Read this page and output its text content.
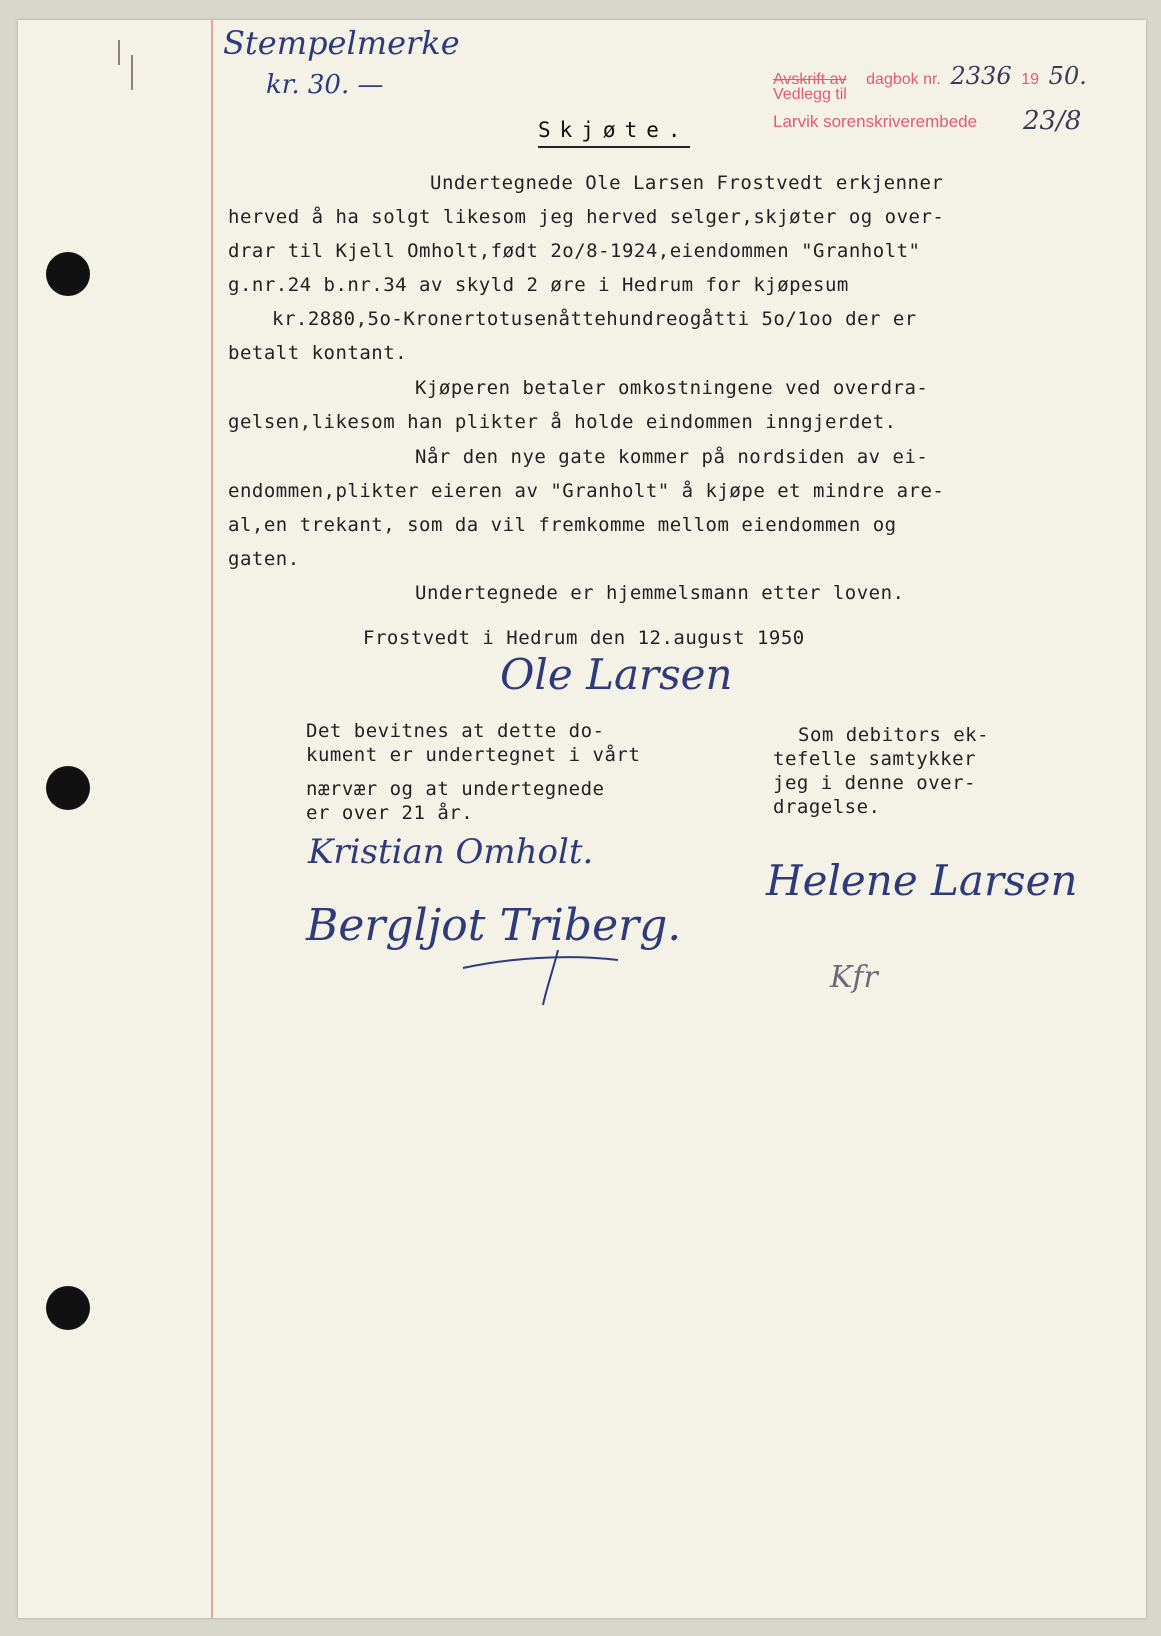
Stempelmerke
kr. 30. —	Avskrift av dagbok nr. 2336 19 50.
Vedlegg til
Larvik sorenskriverembede 23/8
Skjøte.
Undertegnede Ole Larsen Frostvedt erkjenner
herved å ha solgt likesom jeg herved selger,skjøter og over-
drar til Kjell Omholt,født 2o/8-1924,eiendommen "Granholt"
g.nr.24 b.nr.34 av skyld 2 øre i Hedrum for kjøpesum
kr.2880,5o-Kronertotusenåttehundreogåtti 5o/1oo der er
betalt kontant.
Kjøperen betaler omkostningene ved overdra-
gelsen,likesom han plikter å holde eindommen inngjerdet.
Når den nye gate kommer på nordsiden av ei-
endommen,plikter eieren av "Granholt" å kjøpe et mindre are-
al,en trekant, som da vil fremkomme mellom eiendommen og
gaten.
Undertegnede er hjemmelsmann etter loven.
Frostvedt i Hedrum den 12.august 1950
Ole Larsen
Det bevitnes at dette do-
kument er undertegnet i vårt
nærvær og at undertegnede
er over 21 år.
Som debitors ek-
tefelle samtykker
jeg i denne over-
dragelse.
Kristian Omholt.
Bergljot Triberg.
Helene Larsen
Kfr
